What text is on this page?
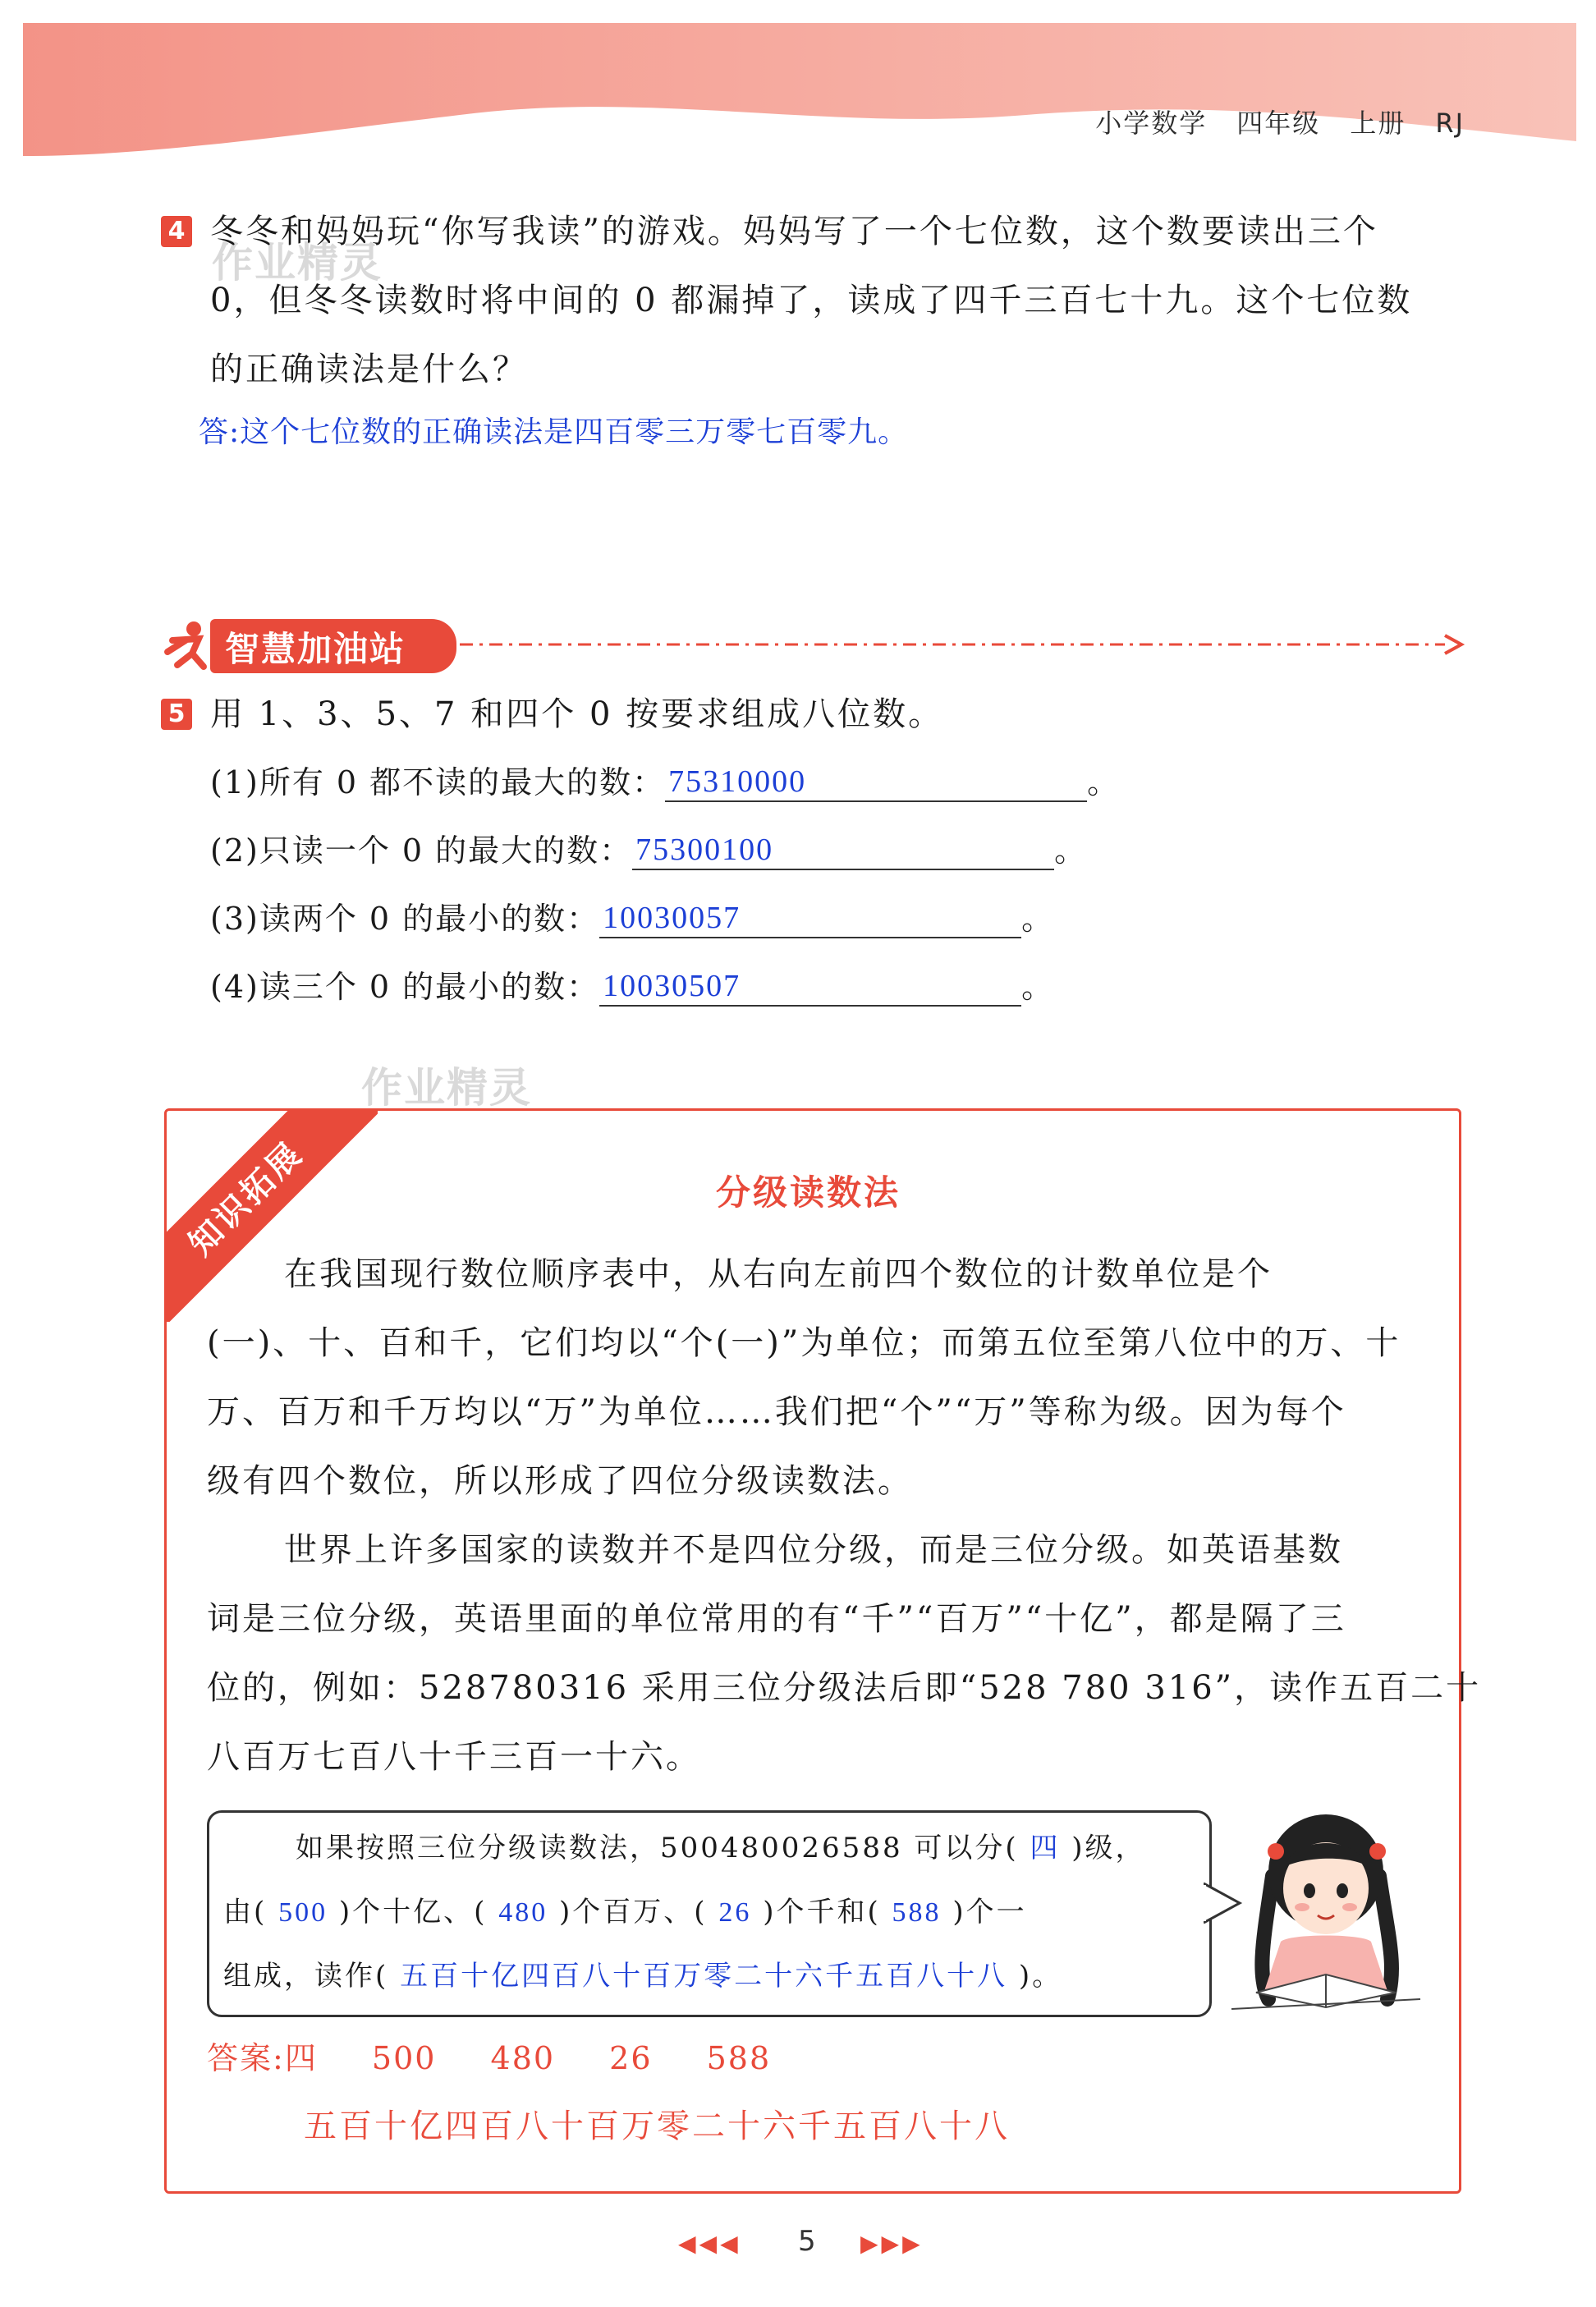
小学数学 四年级 上册 RJ
4
作业精灵
冬冬和妈妈玩“你写我读”的游戏。妈妈写了一个七位数，这个数要读出三个
0，但冬冬读数时将中间的 0 都漏掉了，读成了四千三百七十九。这个七位数
的正确读法是什么？
答:这个七位数的正确读法是四百零三万零七百零九。
智慧加油站
5 用 1、3、5、7 和四个 0 按要求组成八位数。
(1)所有 0 都不读的最大的数： 75310000	。
(2)只读一个 0 的最大的数： 75300100	。
(3)读两个 0 的最小的数： 10030057	。
(4)读三个 0 的最小的数： 10030507	。
作业精灵
知识拓展	分级读数法
在我国现行数位顺序表中，从右向左前四个数位的计数单位是个
(一)、十、百和千，它们均以“个(一)”为单位；而第五位至第八位中的万、十
万、百万和千万均以“万”为单位……我们把“个”“万”等称为级。因为每个
级有四个数位，所以形成了四位分级读数法。
世界上许多国家的读数并不是四位分级，而是三位分级。如英语基数
词是三位分级，英语里面的单位常用的有“千”“百万”“十亿”，都是隔了三
位的，例如：528780316 采用三位分级法后即“528 780 316”，读作五百二十
八百万七百八十千三百一十六。
如果按照三位分级读数法，500480026588 可以分( 四 )级，
由( 500 )个十亿、( 480 )个百万、( 26 )个千和( 588 )个一
组成，读作( 五百十亿四百八十百万零二十六千五百八十八 )。
答案:四 500 480 26 588
五百十亿四百八十百万零二十六千五百八十八
◀◀◀ 5 ▶▶▶
